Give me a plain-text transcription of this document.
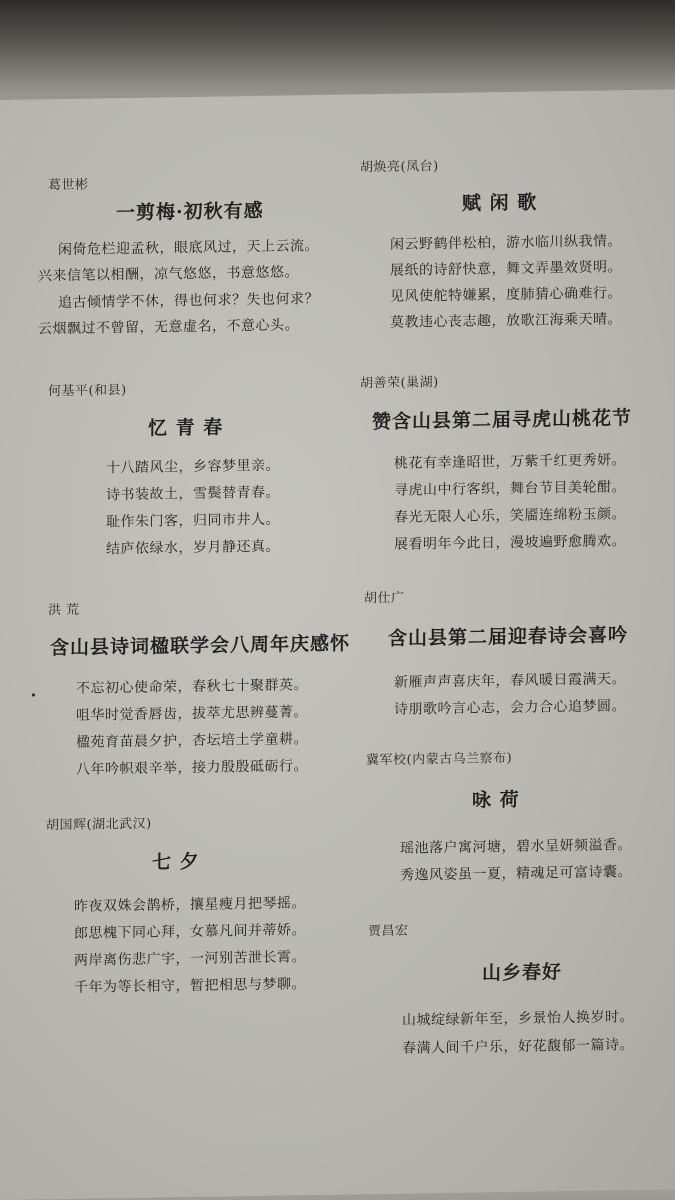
葛世彬
一剪梅·初秋有感
闲倚危栏迎孟秋，眼底风过，天上云流。
兴来信笔以相酬，凉气悠悠，书意悠悠。
追古倾情学不休，得也何求？失也何求？
云烟飘过不曾留，无意虚名，不意心头。
何基平(和县)
忆 青 春
十八踏风尘，乡容梦里亲。
诗书装故土，雪鬓替青春。
耻作朱门客，归同市井人。
结庐依绿水，岁月静还真。
洪 荒
含山县诗词楹联学会八周年庆感怀
不忘初心使命荣，春秋七十聚群英。
咀华时觉香唇齿，拔萃尤思辨蔓菁。
楹苑育苗晨夕护，杏坛培土学童耕。
八年吟帜艰辛举，接力殷殷砥砺行。
胡国辉(湖北武汉)
七 夕
昨夜双姝会鹊桥，攘星瘦月把琴摇。
郎思槐下同心拜，女慕凡间并蒂娇。
两岸离伤悲广宇，一河别苦泄长霄。
千年为等长相守，暂把相思与梦聊。
胡焕亮(凤台)
赋 闲 歌
闲云野鹤伴松柏，游水临川纵我情。
展纸的诗舒快意，舞文弄墨效贤明。
见风使舵特嫌累，度肺猜心确难行。
莫教违心丧志趣，放歌江海乘天晴。
胡善荣(巢湖)
赞含山县第二届寻虎山桃花节
桃花有幸逢昭世，万紫千红更秀妍。
寻虎山中行客织，舞台节目美轮酣。
春光无限人心乐，笑靥连绵粉玉颜。
展看明年今此日，漫坡遍野愈腾欢。
胡仕广
含山县第二届迎春诗会喜吟
新雁声声喜庆年，春风暖日霞满天。
诗朋歌吟言心志，会力合心追梦圆。
冀军校(内蒙古乌兰察布)
咏 荷
瑶池落户寓河塘，碧水呈妍频溢香。
秀逸风姿虽一夏，精魂足可富诗囊。
贾昌宏
山乡春好
山城绽绿新年至，乡景怡人换岁时。
春满人间千户乐，好花馥郁一篇诗。
